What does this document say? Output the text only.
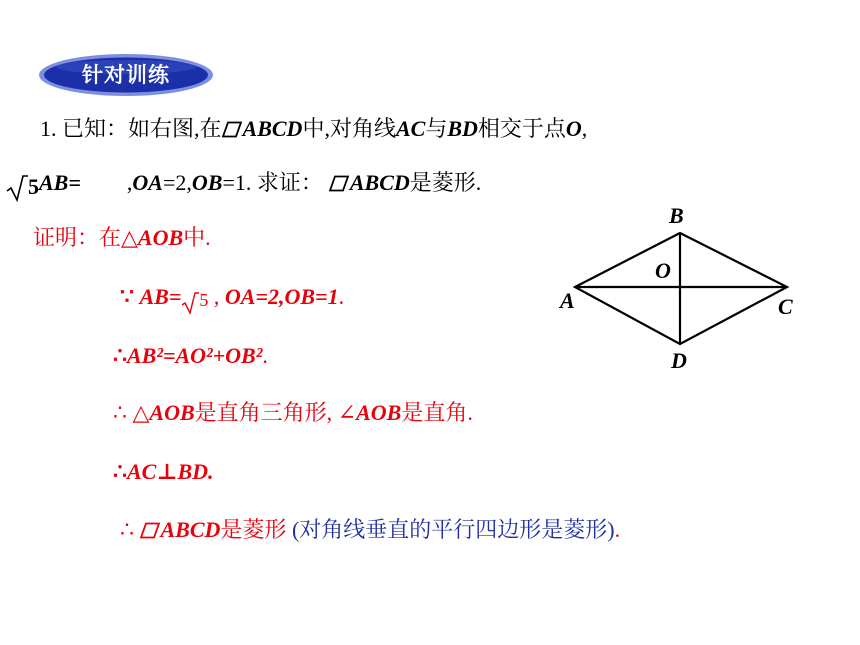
针对训练
1. 已知：如右图,在 ABCD中,对角线AC与BD相交于点O,
5AB= ,OA=2,OB=1. 求证： ABCD是菱形.
证明：在△AOB中.
∵ AB= 5 , OA=2,OB=1.
∴AB²=AO²+OB².
∴ △AOB是直角三角形, ∠AOB是直角.
∴AC⊥BD.
∴ ABCD是菱形 (对角线垂直的平行四边形是菱形).
B
O
A	C
D
